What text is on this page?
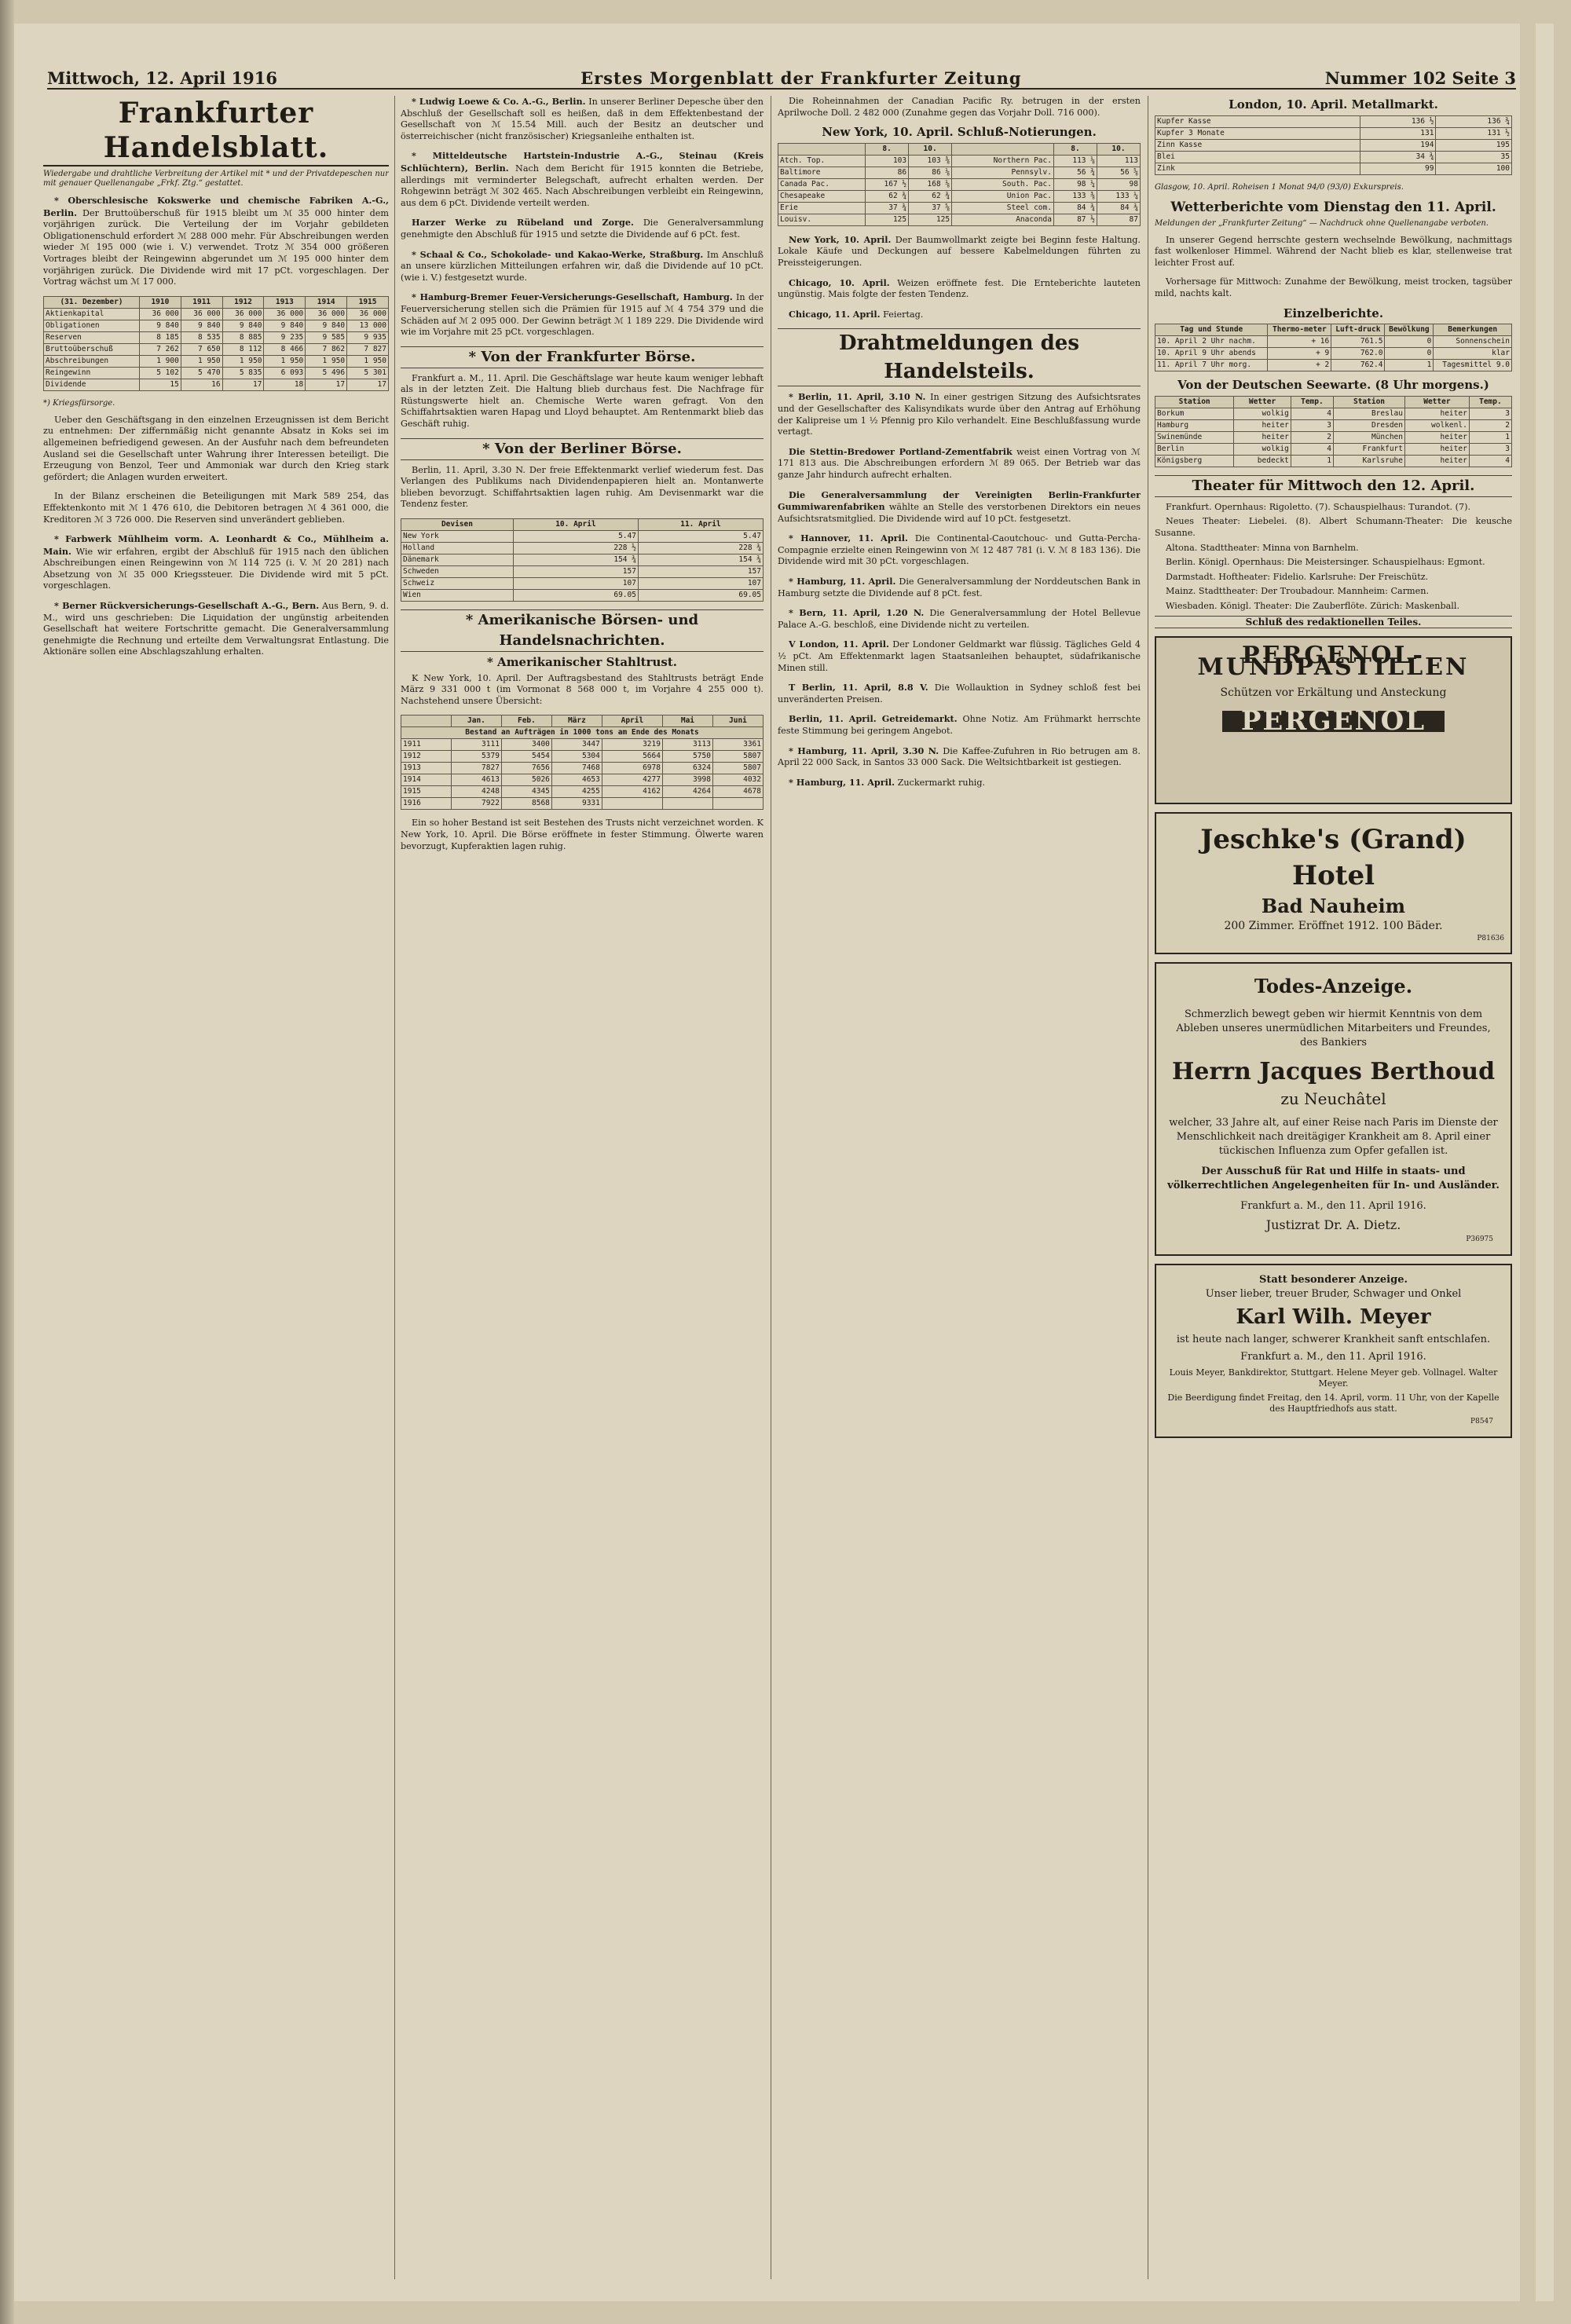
Mittwoch, 12. April 1916	Erstes Morgenblatt der Frankfurter Zeitung	Nummer 102 Seite 3
Frankfurter Handelsblatt.
Wiedergabe und drahtliche Verbreitung der Artikel mit * und der Privatdepeschen nur mit genauer Quellenangabe „Frkf. Ztg.“ gestattet.

* Oberschlesische Kokswerke und chemische Fabriken A.-G., Berlin. Der Bruttoüberschuß für 1915 bleibt um ℳ 35 000 hinter dem vorjährigen zurück. Die Verteilung der im Vorjahr gebildeten Obligationenschuld erfordert ℳ 288 000 mehr. Für Abschreibungen werden wieder ℳ 195 000 (wie i. V.) verwendet. Trotz ℳ 354 000 größeren Vortrages bleibt der Reingewinn abgerundet um ℳ 195 000 hinter dem vorjährigen zurück. Die Dividende wird mit 17 pCt. vorgeschlagen. Der Vortrag wächst um ℳ 17 000.

(31. Dezember)	1910	1911	1912	1913	1914	1915
Aktienkapital	36 000	36 000	36 000	36 000	36 000	36 000
Obligationen	9 840	9 840	9 840	9 840	9 840	13 000
Reserven	8 185	8 535	8 885	9 235	9 585	9 935
Bruttoüberschuß	7 262	7 650	8 112	8 466	7 862	7 827
Abschreibungen	1 900	1 950	1 950	1 950	1 950	1 950
Reingewinn	5 102	5 470	5 835	6 093	5 496	5 301
Dividende	15	16	17	18	17	17
*) Kriegsfürsorge.

Ueber den Geschäftsgang in den einzelnen Erzeugnissen ist dem Bericht zu entnehmen: Der ziffernmäßig nicht genannte Absatz in Koks sei im allgemeinen befriedigend gewesen. An der Ausfuhr nach dem befreundeten Ausland sei die Gesellschaft unter Wahrung ihrer Interessen beteiligt. Die Erzeugung von Benzol, Teer und Ammoniak war durch den Krieg stark gefördert; die Anlagen wurden erweitert.

In der Bilanz erscheinen die Beteiligungen mit Mark 589 254, das Effektenkonto mit ℳ 1 476 610, die Debitoren betragen ℳ 4 361 000, die Kreditoren ℳ 3 726 000. Die Reserven sind unverändert geblieben.

* Farbwerk Mühlheim vorm. A. Leonhardt & Co., Mühlheim a. Main. Wie wir erfahren, ergibt der Abschluß für 1915 nach den üblichen Abschreibungen einen Reingewinn von ℳ 114 725 (i. V. ℳ 20 281) nach Absetzung von ℳ 35 000 Kriegssteuer. Die Dividende wird mit 5 pCt. vorgeschlagen.

* Berner Rückversicherungs-Gesellschaft A.-G., Bern. Aus Bern, 9. d. M., wird uns geschrieben: Die Liquidation der ungünstig arbeitenden Gesellschaft hat weitere Fortschritte gemacht. Die Generalversammlung genehmigte die Rechnung und erteilte dem Verwaltungsrat Entlastung. Die Aktionäre sollen eine Abschlagszahlung erhalten.

* Ludwig Loewe & Co. A.-G., Berlin. In unserer Berliner Depesche über den Abschluß der Gesellschaft soll es heißen, daß in dem Effektenbestand der Gesellschaft von ℳ 15.54 Mill. auch der Besitz an deutscher und österreichischer (nicht französischer) Kriegsanleihe enthalten ist.

* Mitteldeutsche Hartstein-Industrie A.-G., Steinau (Kreis Schlüchtern), Berlin. Nach dem Bericht für 1915 konnten die Betriebe, allerdings mit verminderter Belegschaft, aufrecht erhalten werden. Der Rohgewinn beträgt ℳ 302 465. Nach Abschreibungen verbleibt ein Reingewinn, aus dem 6 pCt. Dividende verteilt werden.

Harzer Werke zu Rübeland und Zorge. Die Generalversammlung genehmigte den Abschluß für 1915 und setzte die Dividende auf 6 pCt. fest.

* Schaal & Co., Schokolade- und Kakao-Werke, Straßburg. Im Anschluß an unsere kürzlichen Mitteilungen erfahren wir, daß die Dividende auf 10 pCt. (wie i. V.) festgesetzt wurde.

* Hamburg-Bremer Feuer-Versicherungs-Gesellschaft, Hamburg. In der Feuerversicherung stellen sich die Prämien für 1915 auf ℳ 4 754 379 und die Schäden auf ℳ 2 095 000. Der Gewinn beträgt ℳ 1 189 229. Die Dividende wird wie im Vorjahre mit 25 pCt. vorgeschlagen.

* Von der Frankfurter Börse.

Frankfurt a. M., 11. April. Die Geschäftslage war heute kaum weniger lebhaft als in der letzten Zeit. Die Haltung blieb durchaus fest. Die Nachfrage für Rüstungswerte hielt an. Chemische Werte waren gefragt. Von den Schiffahrtsaktien waren Hapag und Lloyd behauptet. Am Rentenmarkt blieb das Geschäft ruhig.

* Von der Berliner Börse.

Berlin, 11. April, 3.30 N. Der freie Effektenmarkt verlief wiederum fest. Das Verlangen des Publikums nach Dividendenpapieren hielt an. Montanwerte blieben bevorzugt. Schiffahrtsaktien lagen ruhig. Am Devisenmarkt war die Tendenz fester.

Devisen	10. April	11. April
New York	5.47	5.47
Holland	228 ½	228 ¾
Dänemark	154 ¾	154 ¾
Schweden	157	157
Schweiz	107	107
Wien	69.05	69.05
* Amerikanische Börsen- und Handelsnachrichten.
* Amerikanischer Stahltrust.

K New York, 10. April. Der Auftragsbestand des Stahltrusts beträgt Ende März 9 331 000 t (im Vormonat 8 568 000 t, im Vorjahre 4 255 000 t). Nachstehend unsere Übersicht:

	Jan.	Feb.	März	April	Mai	Juni
Bestand an Aufträgen in 1000 tons am Ende des Monats						
1911	3111	3400	3447	3219	3113	3361
1912	5379	5454	5304	5664	5750	5807
1913	7827	7656	7468	6978	6324	5807
1914	4613	5026	4653	4277	3998	4032
1915	4248	4345	4255	4162	4264	4678
1916	7922	8568	9331			

Ein so hoher Bestand ist seit Bestehen des Trusts nicht verzeichnet worden. K New York, 10. April. Die Börse eröffnete in fester Stimmung. Ölwerte waren bevorzugt, Kupferaktien lagen ruhig.

Die Roheinnahmen der Canadian Pacific Ry. betrugen in der ersten Aprilwoche Doll. 2 482 000 (Zunahme gegen das Vorjahr Doll. 716 000).

New York, 10. April. Schluß-Notierungen.
	8.	10.		8.	10.
Atch. Top.	103	103 ⅜	Northern Pac.	113 ⅛	113
Baltimore	86	86 ⅛	Pennsylv.	56 ¾	56 ⅝
Canada Pac.	167 ½	168 ⅛	South. Pac.	98 ¼	98
Chesapeake	62 ¾	62 ¾	Union Pac.	133 ⅜	133 ¼
Erie	37 ¾	37 ⅝	Steel com.	84 ¾	84 ¾
Louisv.	125	125	Anaconda	87 ½	87

New York, 10. April. Der Baumwollmarkt zeigte bei Beginn feste Haltung. Lokale Käufe und Deckungen auf bessere Kabelmeldungen führten zu Preissteigerungen.

Chicago, 10. April. Weizen eröffnete fest. Die Ernteberichte lauteten ungünstig. Mais folgte der festen Tendenz.

Chicago, 11. April. Feiertag.

Drahtmeldungen des Handelsteils.

* Berlin, 11. April, 3.10 N. In einer gestrigen Sitzung des Aufsichtsrates und der Gesellschafter des Kalisyndikats wurde über den Antrag auf Erhöhung der Kalipreise um 1 ½ Pfennig pro Kilo verhandelt. Eine Beschlußfassung wurde vertagt.

Die Stettin-Bredower Portland-Zementfabrik weist einen Vortrag von ℳ 171 813 aus. Die Abschreibungen erfordern ℳ 89 065. Der Betrieb war das ganze Jahr hindurch aufrecht erhalten.

Die Generalversammlung der Vereinigten Berlin-Frankfurter Gummiwarenfabriken wählte an Stelle des verstorbenen Direktors ein neues Aufsichtsratsmitglied. Die Dividende wird auf 10 pCt. festgesetzt.

* Hannover, 11. April. Die Continental-Caoutchouc- und Gutta-Percha-Compagnie erzielte einen Reingewinn von ℳ 12 487 781 (i. V. ℳ 8 183 136). Die Dividende wird mit 30 pCt. vorgeschlagen.

* Hamburg, 11. April. Die Generalversammlung der Norddeutschen Bank in Hamburg setzte die Dividende auf 8 pCt. fest.

* Bern, 11. April, 1.20 N. Die Generalversammlung der Hotel Bellevue Palace A.-G. beschloß, eine Dividende nicht zu verteilen.

V London, 11. April. Der Londoner Geldmarkt war flüssig. Tägliches Geld 4 ½ pCt. Am Effektenmarkt lagen Staatsanleihen behauptet, südafrikanische Minen still.

T Berlin, 11. April, 8.8 V. Die Wollauktion in Sydney schloß fest bei unveränderten Preisen.

Berlin, 11. April. Getreidemarkt. Ohne Notiz. Am Frühmarkt herrschte feste Stimmung bei geringem Angebot.

* Hamburg, 11. April, 3.30 N. Die Kaffee-Zufuhren in Rio betrugen am 8. April 22 000 Sack, in Santos 33 000 Sack. Die Weltsichtbarkeit ist gestiegen.

* Hamburg, 11. April. Zuckermarkt ruhig.

London, 10. April. Metallmarkt.
Kupfer Kasse	136 ½	136 ¾
Kupfer 3 Monate	131	131 ½
Zinn Kasse	194	195
Blei	34 ¾	35
Zink	99	100
Glasgow, 10. April. Roheisen 1 Monat 94/0 (93/0) Exkurspreis.
Wetterberichte vom Dienstag den 11. April.
Meldungen der „Frankfurter Zeitung“ — Nachdruck ohne Quellenangabe verboten.

In unserer Gegend herrschte gestern wechselnde Bewölkung, nachmittags fast wolkenloser Himmel. Während der Nacht blieb es klar, stellenweise trat leichter Frost auf.

Vorhersage für Mittwoch: Zunahme der Bewölkung, meist trocken, tagsüber mild, nachts kalt.

Einzelberichte.
Tag und Stunde	Thermo-meter	Luft-druck	Bewölkung	Bemerkungen
10. April 2 Uhr nachm.	+ 16	761.5	0	Sonnenschein
10. April 9 Uhr abends	+ 9	762.0	0	klar
11. April 7 Uhr morg.	+ 2	762.4	1	Tagesmittel 9.0
Von der Deutschen Seewarte. (8 Uhr morgens.)
Station	Wetter	Temp.	Station	Wetter	Temp.
Borkum	wolkig	4	Breslau	heiter	3
Hamburg	heiter	3	Dresden	wolkenl.	2
Swinemünde	heiter	2	München	heiter	1
Berlin	wolkig	4	Frankfurt	heiter	3
Königsberg	bedeckt	1	Karlsruhe	heiter	4
Theater für Mittwoch den 12. April.

Frankfurt. Opernhaus: Rigoletto. (7). Schauspielhaus: Turandot. (7).

Neues Theater: Liebelei. (8). Albert Schumann-Theater: Die keusche Susanne.

Altona. Stadttheater: Minna von Barnhelm.

Berlin. Königl. Opernhaus: Die Meistersinger. Schauspielhaus: Egmont.

Darmstadt. Hoftheater: Fidelio. Karlsruhe: Der Freischütz.

Mainz. Stadttheater: Der Troubadour. Mannheim: Carmen.

Wiesbaden. Königl. Theater: Die Zauberflöte. Zürich: Maskenball.

Schluß des redaktionellen Teiles.
PERGENOL-MUNDPASTILLEN
Schützen vor Erkältung und Ansteckung
PERGENOL
Jeschke's (Grand) Hotel
Bad Nauheim
200 Zimmer. Eröffnet 1912. 100 Bäder.
P81636
Todes-Anzeige.
Schmerzlich bewegt geben wir hiermit Kenntnis von dem Ableben unseres unermüdlichen Mitarbeiters und Freundes, des Bankiers
Herrn Jacques Berthoud
zu Neuchâtel
welcher, 33 Jahre alt, auf einer Reise nach Paris im Dienste der Menschlichkeit nach dreitägiger Krankheit am 8. April einer tückischen Influenza zum Opfer gefallen ist.
Der Ausschuß für Rat und Hilfe in staats- und völkerrechtlichen Angelegenheiten für In- und Ausländer.
Frankfurt a. M., den 11. April 1916.
Justizrat Dr. A. Dietz.
P36975
Statt besonderer Anzeige.
Unser lieber, treuer Bruder, Schwager und Onkel
Karl Wilh. Meyer
ist heute nach langer, schwerer Krankheit sanft entschlafen.
Frankfurt a. M., den 11. April 1916.
Louis Meyer, Bankdirektor, Stuttgart. Helene Meyer geb. Vollnagel. Walter Meyer.
Die Beerdigung findet Freitag, den 14. April, vorm. 11 Uhr, von der Kapelle des Hauptfriedhofs aus statt.
P8547
